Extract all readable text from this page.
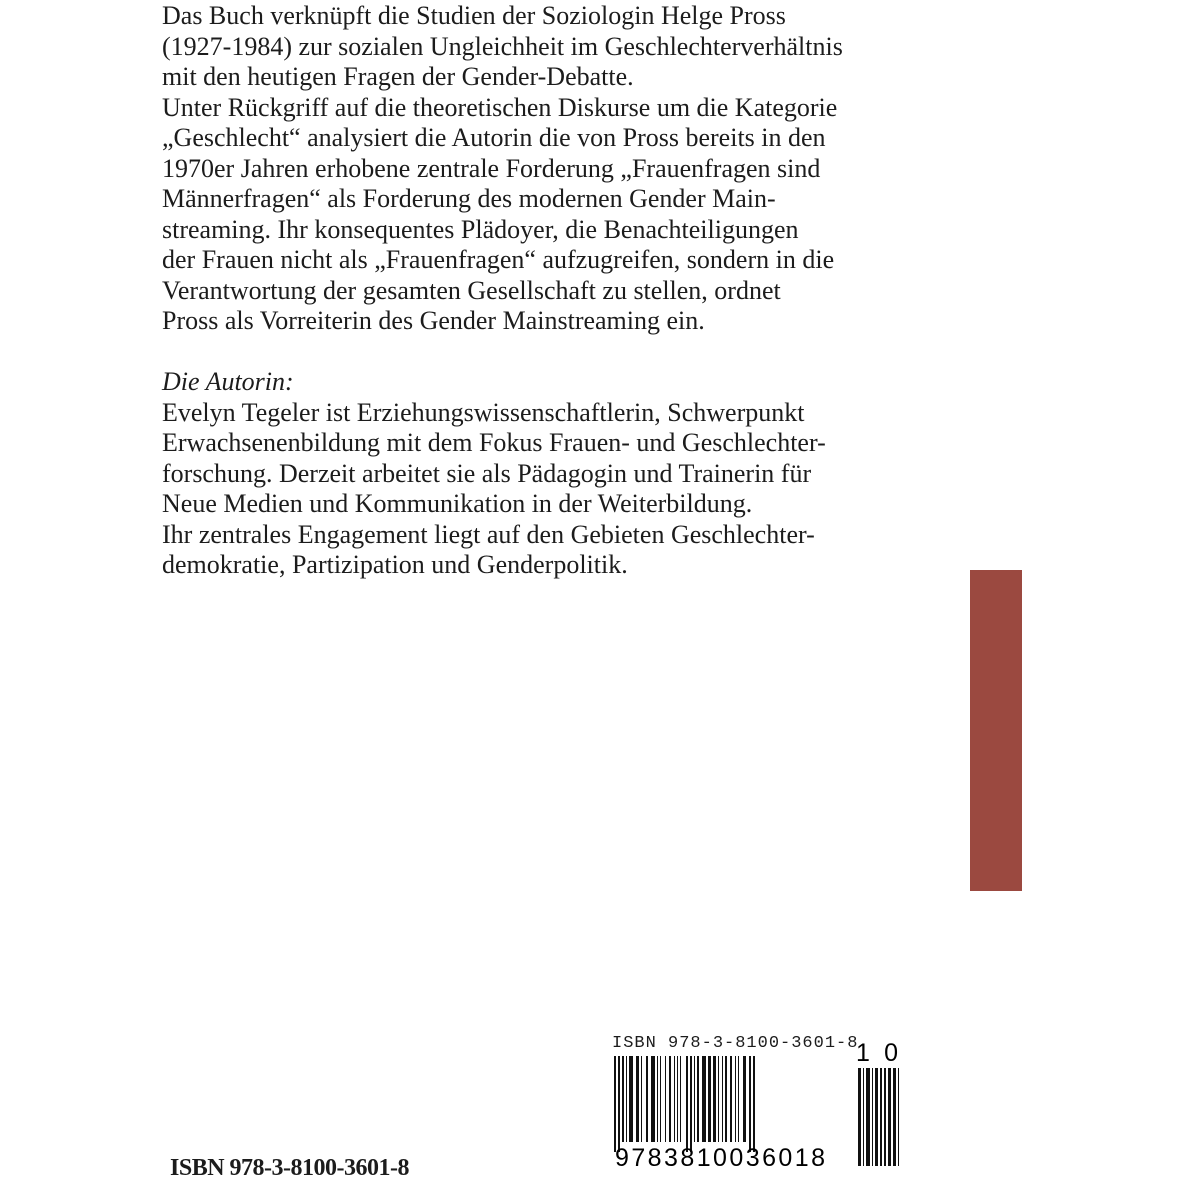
Das Buch verknüpft die Studien der Soziologin Helge Pross
(1927-1984) zur sozialen Ungleichheit im Geschlechterverhältnis
mit den heutigen Fragen der Gender-Debatte.
Unter Rückgriff auf die theoretischen Diskurse um die Kategorie
„Geschlecht“ analysiert die Autorin die von Pross bereits in den
1970er Jahren erhobene zentrale Forderung „Frauenfragen sind
Männerfragen“ als Forderung des modernen Gender Main-
streaming. Ihr konsequentes Plädoyer, die Benachteiligungen
der Frauen nicht als „Frauenfragen“ aufzugreifen, sondern in die
Verantwortung der gesamten Gesellschaft zu stellen, ordnet
Pross als Vorreiterin des Gender Mainstreaming ein.
Die Autorin:
Evelyn Tegeler ist Erziehungswissenschaftlerin, Schwerpunkt
Erwachsenenbildung mit dem Fokus Frauen- und Geschlechter-
forschung. Derzeit arbeitet sie als Pädagogin und Trainerin für
Neue Medien und Kommunikation in der Weiterbildung.
Ihr zentrales Engagement liegt auf den Gebieten Geschlechter-
demokratie, Partizipation und Genderpolitik.
9783810036018
10
ISBN 978-3-8100-3601-8
ISBN 978-3-8100-3601-8
